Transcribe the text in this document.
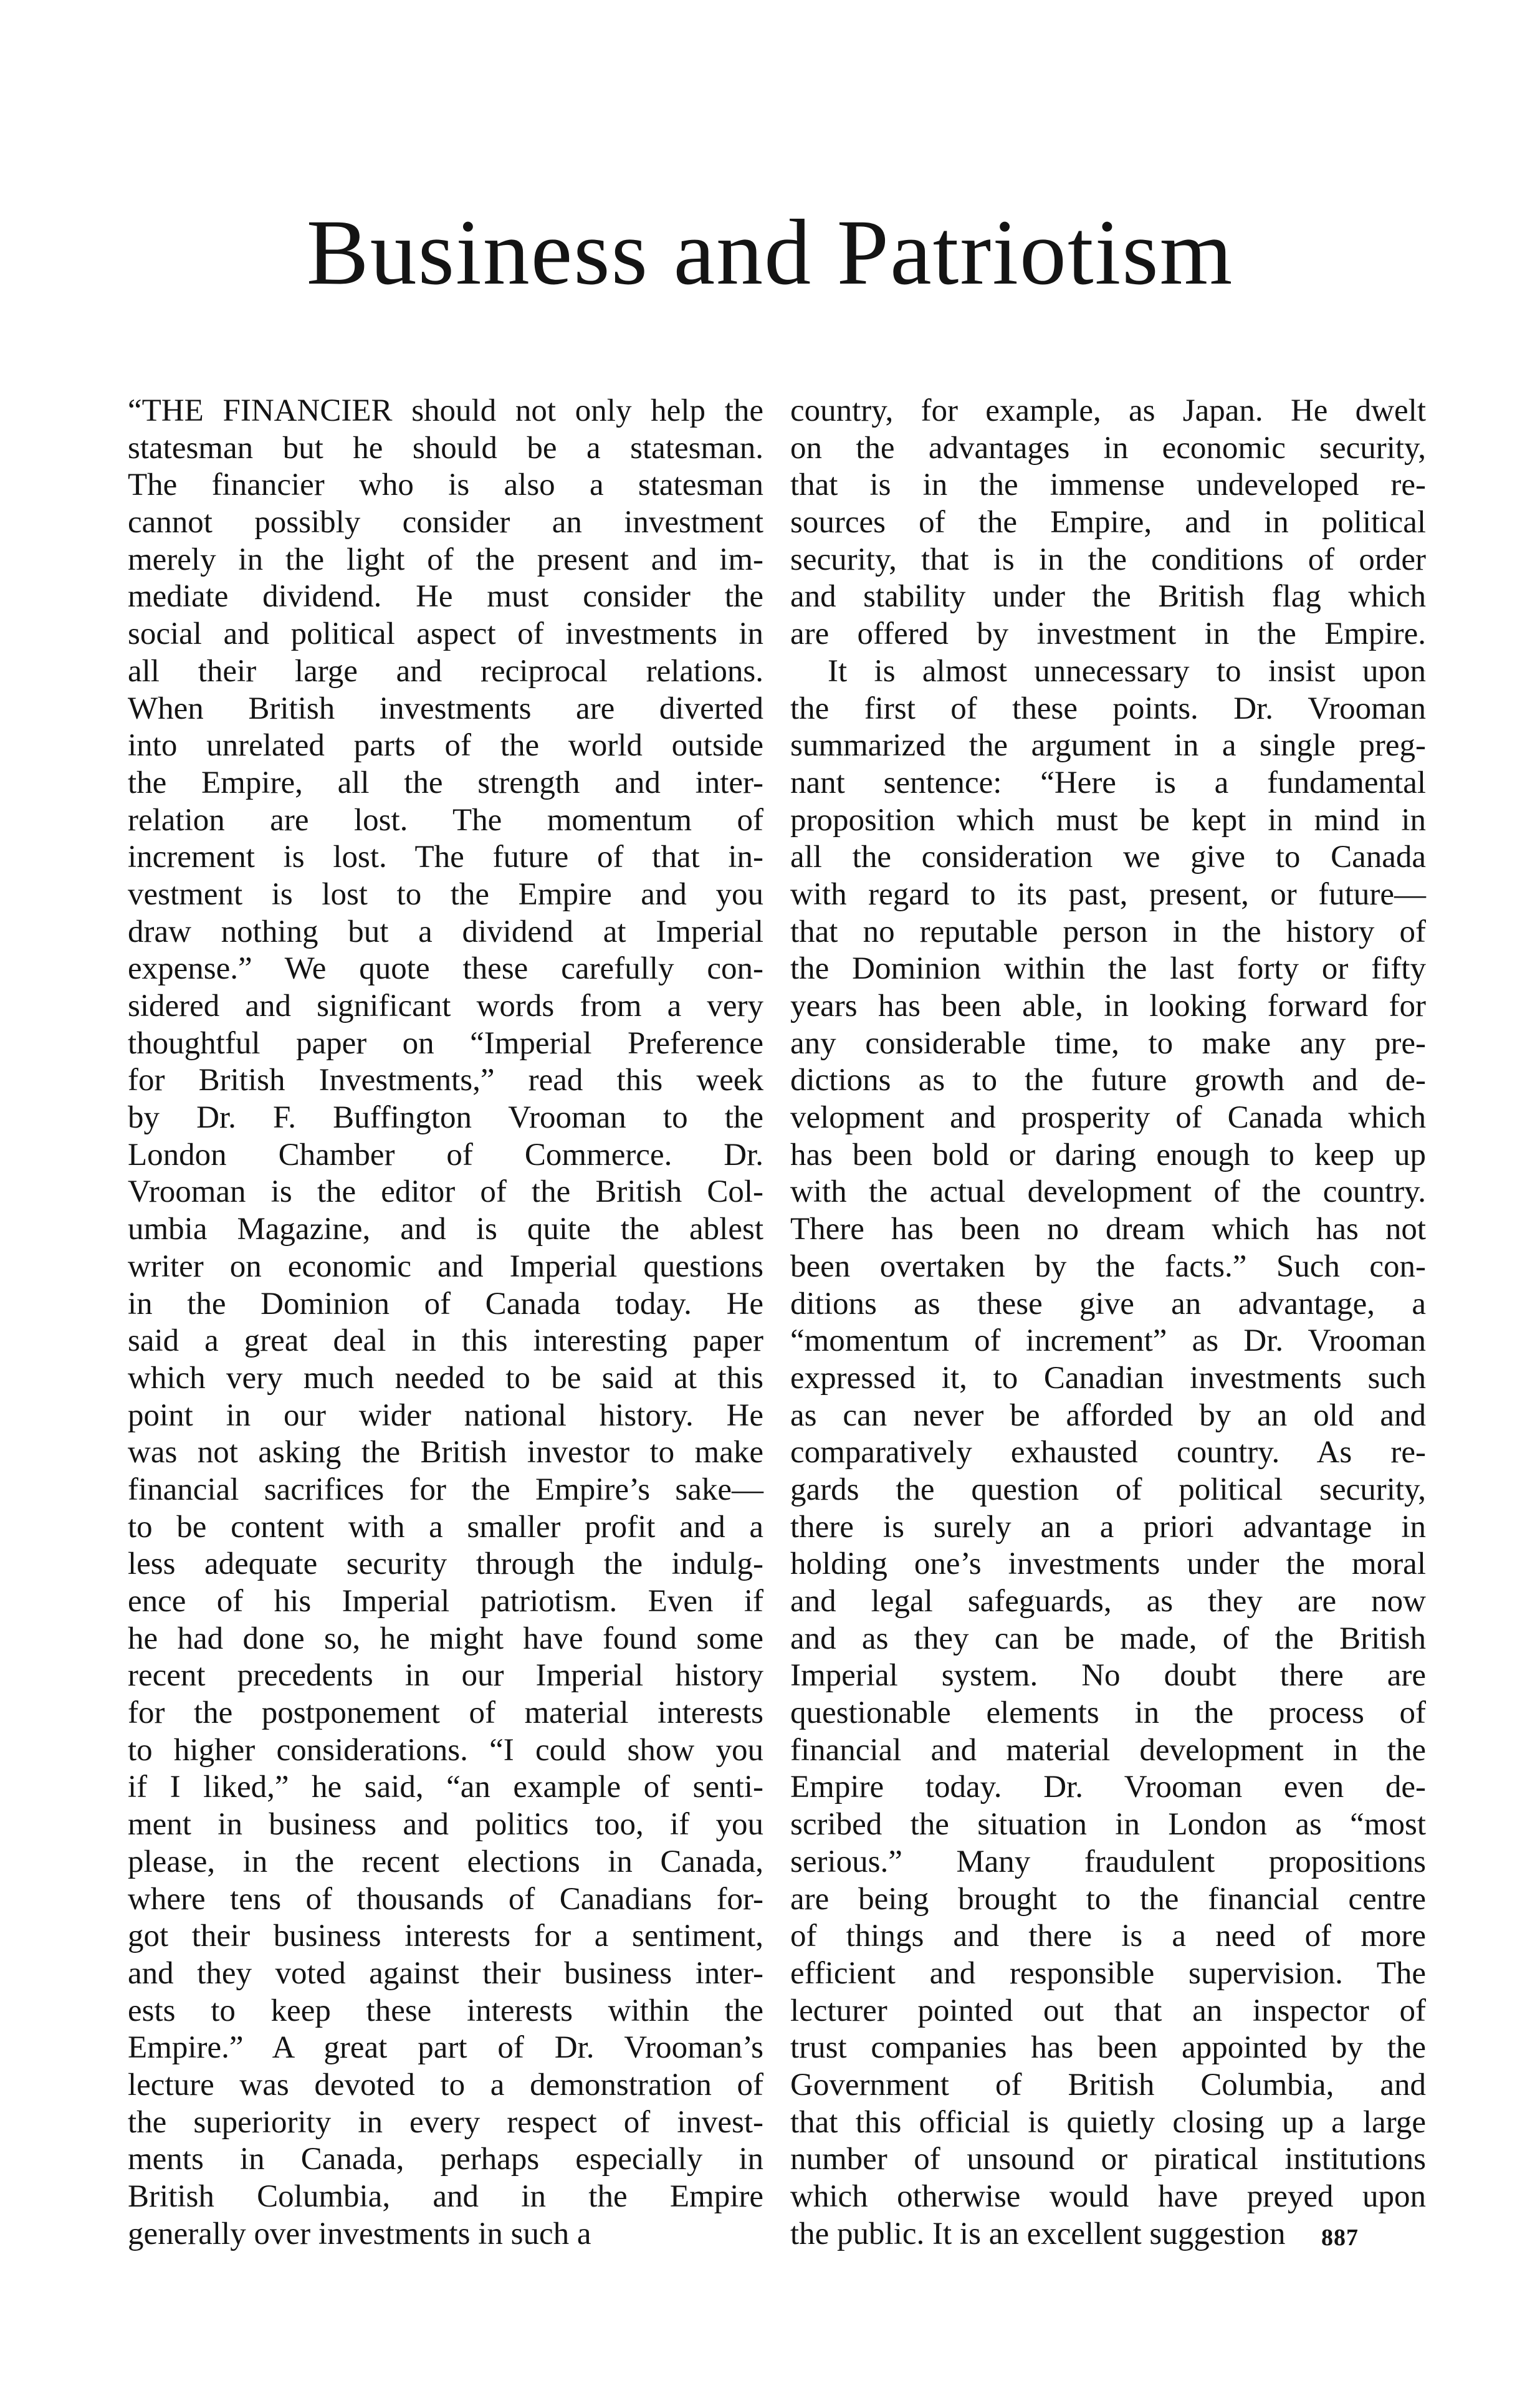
Business and Patriotism
“THE FINANCIER should not only help the
statesman but he should be a statesman.
The financier who is also a statesman
cannot possibly consider an investment
merely in the light of the present and im-
mediate dividend. He must consider the
social and political aspect of investments in
all their large and reciprocal relations.
When British investments are diverted
into unrelated parts of the world outside
the Empire, all the strength and inter-
relation are lost. The momentum of
increment is lost. The future of that in-
vestment is lost to the Empire and you
draw nothing but a dividend at Imperial
expense.” We quote these carefully con-
sidered and significant words from a very
thoughtful paper on “Imperial Preference
for British Investments,” read this week
by Dr. F. Buffington Vrooman to the
London Chamber of Commerce. Dr.
Vrooman is the editor of the British Col-
umbia Magazine, and is quite the ablest
writer on economic and Imperial questions
in the Dominion of Canada today. He
said a great deal in this interesting paper
which very much needed to be said at this
point in our wider national history. He
was not asking the British investor to make
financial sacrifices for the Empire’s sake—
to be content with a smaller profit and a
less adequate security through the indulg-
ence of his Imperial patriotism. Even if
he had done so, he might have found some
recent precedents in our Imperial history
for the postponement of material interests
to higher considerations. “I could show you
if I liked,” he said, “an example of senti-
ment in business and politics too, if you
please, in the recent elections in Canada,
where tens of thousands of Canadians for-
got their business interests for a sentiment,
and they voted against their business inter-
ests to keep these interests within the
Empire.” A great part of Dr. Vrooman’s
lecture was devoted to a demonstration of
the superiority in every respect of invest-
ments in Canada, perhaps especially in
British Columbia, and in the Empire
generally over investments in such a
country, for example, as Japan. He dwelt
on the advantages in economic security,
that is in the immense undeveloped re-
sources of the Empire, and in political
security, that is in the conditions of order
and stability under the British flag which
are offered by investment in the Empire.
It is almost unnecessary to insist upon
the first of these points. Dr. Vrooman
summarized the argument in a single preg-
nant sentence: “Here is a fundamental
proposition which must be kept in mind in
all the consideration we give to Canada
with regard to its past, present, or future—
that no reputable person in the history of
the Dominion within the last forty or fifty
years has been able, in looking forward for
any considerable time, to make any pre-
dictions as to the future growth and de-
velopment and prosperity of Canada which
has been bold or daring enough to keep up
with the actual development of the country.
There has been no dream which has not
been overtaken by the facts.” Such con-
ditions as these give an advantage, a
“momentum of increment” as Dr. Vrooman
expressed it, to Canadian investments such
as can never be afforded by an old and
comparatively exhausted country. As re-
gards the question of political security,
there is surely an a priori advantage in
holding one’s investments under the moral
and legal safeguards, as they are now
and as they can be made, of the British
Imperial system. No doubt there are
questionable elements in the process of
financial and material development in the
Empire today. Dr. Vrooman even de-
scribed the situation in London as “most
serious.” Many fraudulent propositions
are being brought to the financial centre
of things and there is a need of more
efficient and responsible supervision. The
lecturer pointed out that an inspector of
trust companies has been appointed by the
Government of British Columbia, and
that this official is quietly closing up a large
number of unsound or piratical institutions
which otherwise would have preyed upon
the public. It is an excellent suggestion	887
